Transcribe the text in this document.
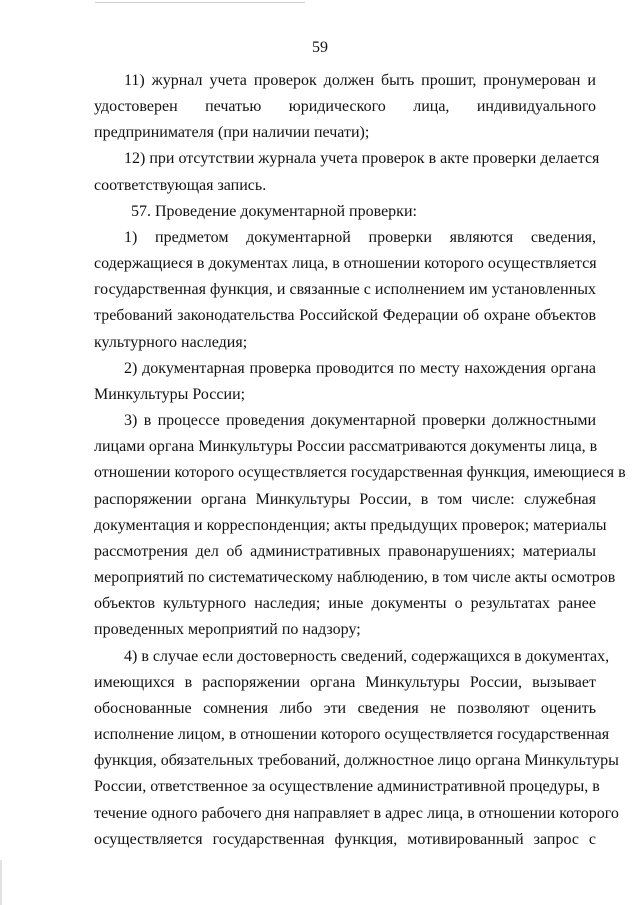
59
11) журнал учета проверок должен быть прошит, пронумерован и
удостоверен печатью юридического лица, индивидуального
предпринимателя (при наличии печати);
12) при отсутствии журнала учета проверок в акте проверки делается
соответствующая запись.
57. Проведение документарной проверки:
1) предметом документарной проверки являются сведения,
содержащиеся в документах лица, в отношении которого осуществляется
государственная функция, и связанные с исполнением им установленных
требований законодательства Российской Федерации об охране объектов
культурного наследия;
2) документарная проверка проводится по месту нахождения органа
Минкультуры России;
3) в процессе проведения документарной проверки должностными
лицами органа Минкультуры России рассматриваются документы лица, в
отношении которого осуществляется государственная функция, имеющиеся в
распоряжении органа Минкультуры России, в том числе: служебная
документация и корреспонденция; акты предыдущих проверок; материалы
рассмотрения дел об административных правонарушениях; материалы
мероприятий по систематическому наблюдению, в том числе акты осмотров
объектов культурного наследия; иные документы о результатах ранее
проведенных мероприятий по надзору;
4) в случае если достоверность сведений, содержащихся в документах,
имеющихся в распоряжении органа Минкультуры России, вызывает
обоснованные сомнения либо эти сведения не позволяют оценить
исполнение лицом, в отношении которого осуществляется государственная
функция, обязательных требований, должностное лицо органа Минкультуры
России, ответственное за осуществление административной процедуры, в
течение одного рабочего дня направляет в адрес лица, в отношении которого
осуществляется государственная функция, мотивированный запрос с
